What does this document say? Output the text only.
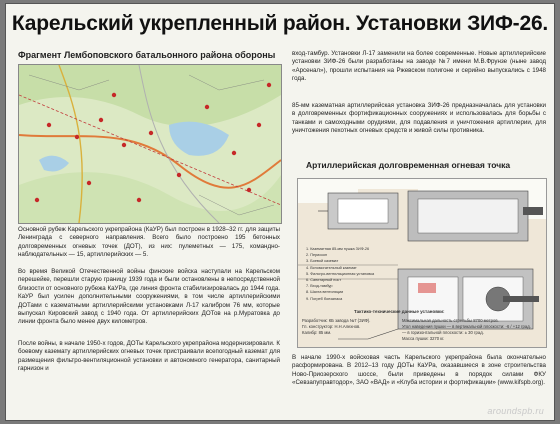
Карельский укрепленный район. Установки ЗИФ-26.
Фрагмент Лембоповского батальонного района обороны
Основной рубеж Карельского укрепрайона (КаУР) был построен в 1928–32 гг. для защиты Ленинграда с северного направления. Всего было построено 195 бетонных долговременных огневых точек (ДОТ), из них: пулеметных — 175, командно-наблюдательных — 15, артиллерийских — 5.
Во время Великой Отечественной войны финские войска наступали на Карельском перешейке, перешли старую границу 1939 года и были остановлены в непосредственной близости от основного рубежа КаУРа, где линия фронта стабилизировалась до 1944 года. КаУР был усилен дополнительными сооружениями, в том числе артиллерийскими ДОТами с казематными артиллерийскими установками Л-17 калибром 76 мм, которые выпускал Кировский завод с 1940 года. От артиллерийских ДОТов на р.Муратовка до линии фронта было менее двух километров.
После войны, в начале 1950-х годов, ДОТы Карельского укрепрайона модернизировали. К боевому каземату артиллерийских огневых точек пристраивали всепогодный каземат для размещения фильтро-вентиляционной установки и автономного генератора, санитарный гарнизон и
вход-тамбур. Установки Л-17 заменили на более современные. Новые артиллерийские установки ЗИФ-26 были разработаны на заводе №7 имени М.В.Фрунзе (ныне завод «Арсенал»), прошли испытания на Ржевском полигоне и серийно выпускались с 1948 года.
85-мм казематная артиллерийская установка ЗИФ-26 предназначалась для установки в долговременных фортификационных сооружениях и использовалась для борьбы с танками и самоходными орудиями, для подавления и уничтожения артиллерии, для уничтожения пехотных огневых средств и живой силы противника.
Артиллерийская долговременная огневая точка
1. Казематная 85-мм пушка ЗИФ-26
2. Перископ
3. Боевой каземат
4. Вспомогательный каземат
5. Фильтро-вентиляционная установка
6. Санитарный пост
7. Вход-тамбур
8. Шахта вентиляции
9. Погреб боезапаса
Тактико-технические данные установки:
Разработчик: КБ завода №7 (ЗИФ).
Гл. конструктор: Н.Н.Алехнов.
Калибр: 85 мм.
Максимальная дальность стрельбы 8700 метров.
Угол наведения пушки — в вертикальной плоскости: -6 / +12 град.
— в горизонтальной плоскости: ± 30 град.
Масса пушки: 3270 кг.
В начале 1990-х войсковая часть Карельского укрепрайона была окончательно расформирована. В 2012–13 году ДОТы КаУРа, оказавшиеся в зоне строительства Ново-Приозерского шоссе, были приведены в порядок силами ФКУ «Севзапуправтодор», ЗАО «ВАД» и «Клуба истории и фортификации» (www.kifspb.org).
aroundspb.ru
